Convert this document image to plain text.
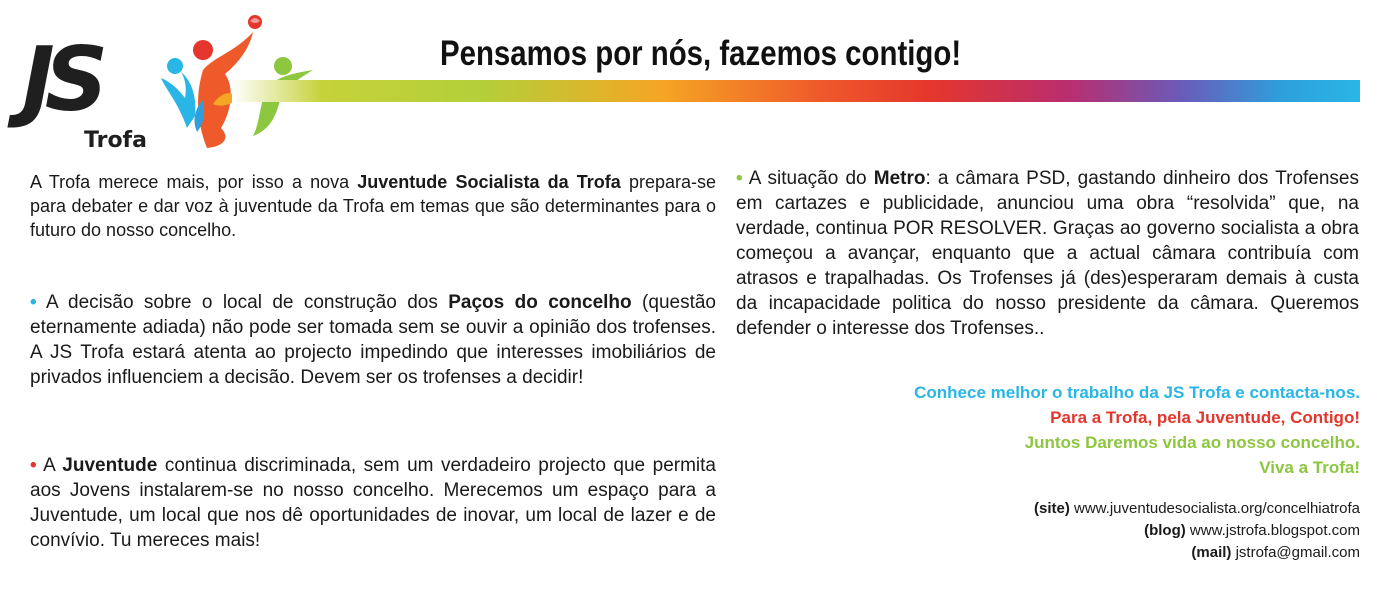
JS
Trofa
Pensamos por nós, fazemos contigo!
A Trofa merece mais, por isso a nova Juventude Socialista da Trofa prepara-se para debater e dar voz à juventude da Trofa em temas que são determinantes para o futuro do nosso concelho.
• A decisão sobre o local de construção dos Paços do concelho (questão eternamente adiada) não pode ser tomada sem se ouvir a opinião dos trofenses. A JS Trofa estará atenta ao projecto impedindo que interesses imobiliários de privados influenciem a decisão. Devem ser os trofenses a decidir!
• A Juventude continua discriminada, sem um verdadeiro projecto que permita aos Jovens instalarem-se no nosso concelho. Merecemos um espaço para a Juventude, um local que nos dê oportunidades de inovar, um local de lazer e de convívio. Tu mereces mais!
• A situação do Metro: a câmara PSD, gastando dinheiro dos Trofenses em cartazes e publicidade, anunciou uma obra “resolvida” que, na verdade, continua POR RESOLVER. Graças ao governo socialista a obra começou a avançar, enquanto que a actual câmara contribuía com atrasos e trapalhadas. Os Trofenses já (des)esperaram demais à custa da incapacidade politica do nosso presidente da câmara. Queremos defender o interesse dos Trofenses..
Conhece melhor o trabalho da JS Trofa e contacta-nos.
Para a Trofa, pela Juventude, Contigo!
Juntos Daremos vida ao nosso concelho.
Viva a Trofa!
(site) www.juventudesocialista.org/concelhiatrofa
(blog) www.jstrofa.blogspot.com
(mail) jstrofa@gmail.com
